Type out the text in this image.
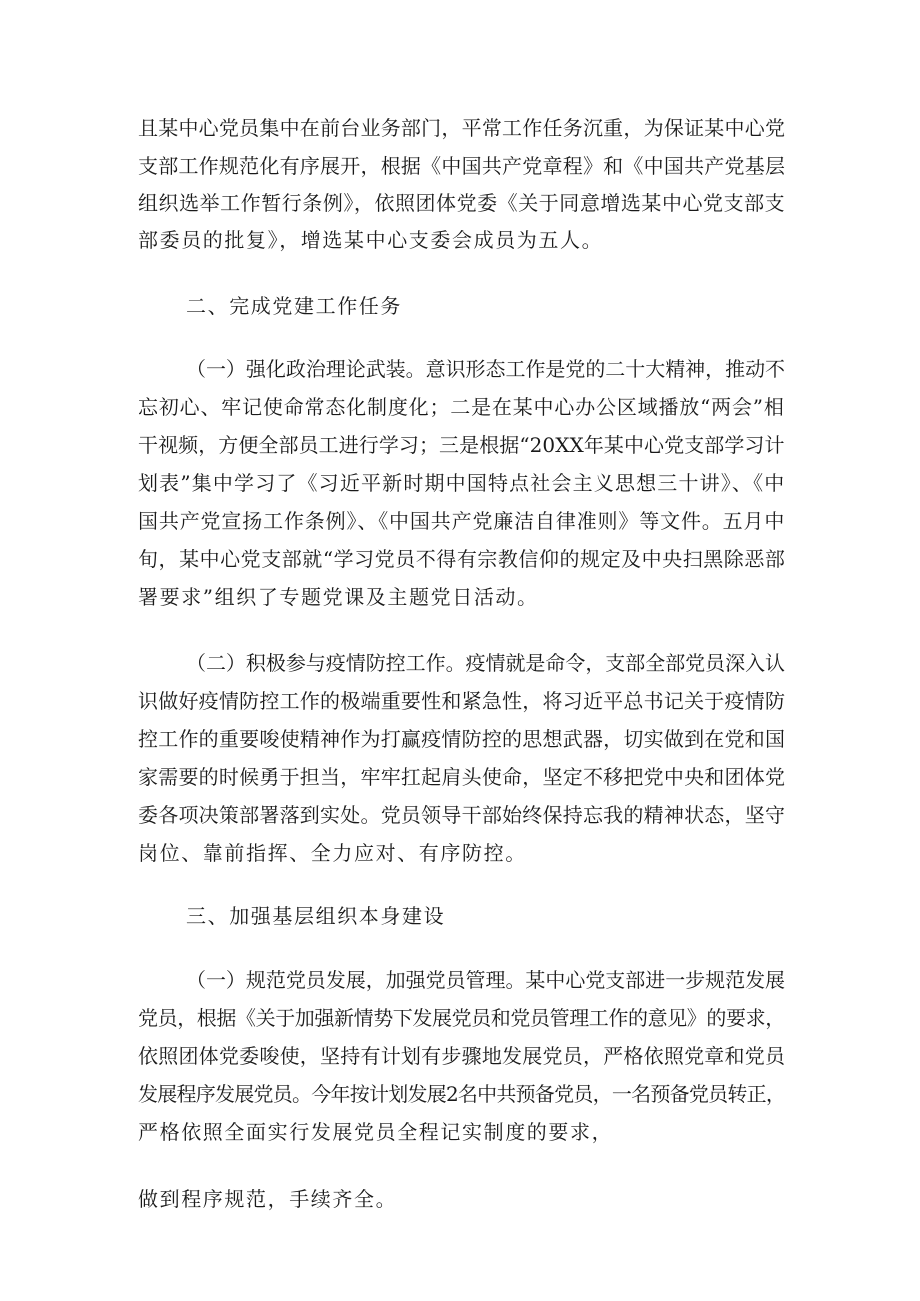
且某中心党员集中在前台业务部门，平常工作任务沉重，为保证某中心党
支部工作规范化有序展开，根据《中国共产党章程》和《中国共产党基层
组织选举工作暂行条例》，依照团体党委《关于同意增选某中心党支部支
部委员的批复》，增选某中心支委会成员为五人。
二、完成党建工作任务
（一）强化政治理论武装。意识形态工作是党的二十大精神，推动不
忘初心、牢记使命常态化制度化；二是在某中心办公区域播放“两会”相
干视频，方便全部员工进行学习；三是根据“20XX年某中心党支部学习计
划表”集中学习了《习近平新时期中国特点社会主义思想三十讲》、《中
国共产党宣扬工作条例》、《中国共产党廉洁自律准则》等文件。五月中
旬，某中心党支部就“学习党员不得有宗教信仰的规定及中央扫黑除恶部
署要求”组织了专题党课及主题党日活动。
（二）积极参与疫情防控工作。疫情就是命令，支部全部党员深入认
识做好疫情防控工作的极端重要性和紧急性，将习近平总书记关于疫情防
控工作的重要唆使精神作为打赢疫情防控的思想武器，切实做到在党和国
家需要的时候勇于担当，牢牢扛起肩头使命，坚定不移把党中央和团体党
委各项决策部署落到实处。党员领导干部始终保持忘我的精神状态，坚守
岗位、靠前指挥、全力应对、有序防控。
三、加强基层组织本身建设
（一）规范党员发展，加强党员管理。某中心党支部进一步规范发展
党员，根据《关于加强新情势下发展党员和党员管理工作的意见》的要求，
依照团体党委唆使，坚持有计划有步骤地发展党员，严格依照党章和党员
发展程序发展党员。今年按计划发展2名中共预备党员，一名预备党员转正，
严格依照全面实行发展党员全程记实制度的要求，
做到程序规范，手续齐全。
